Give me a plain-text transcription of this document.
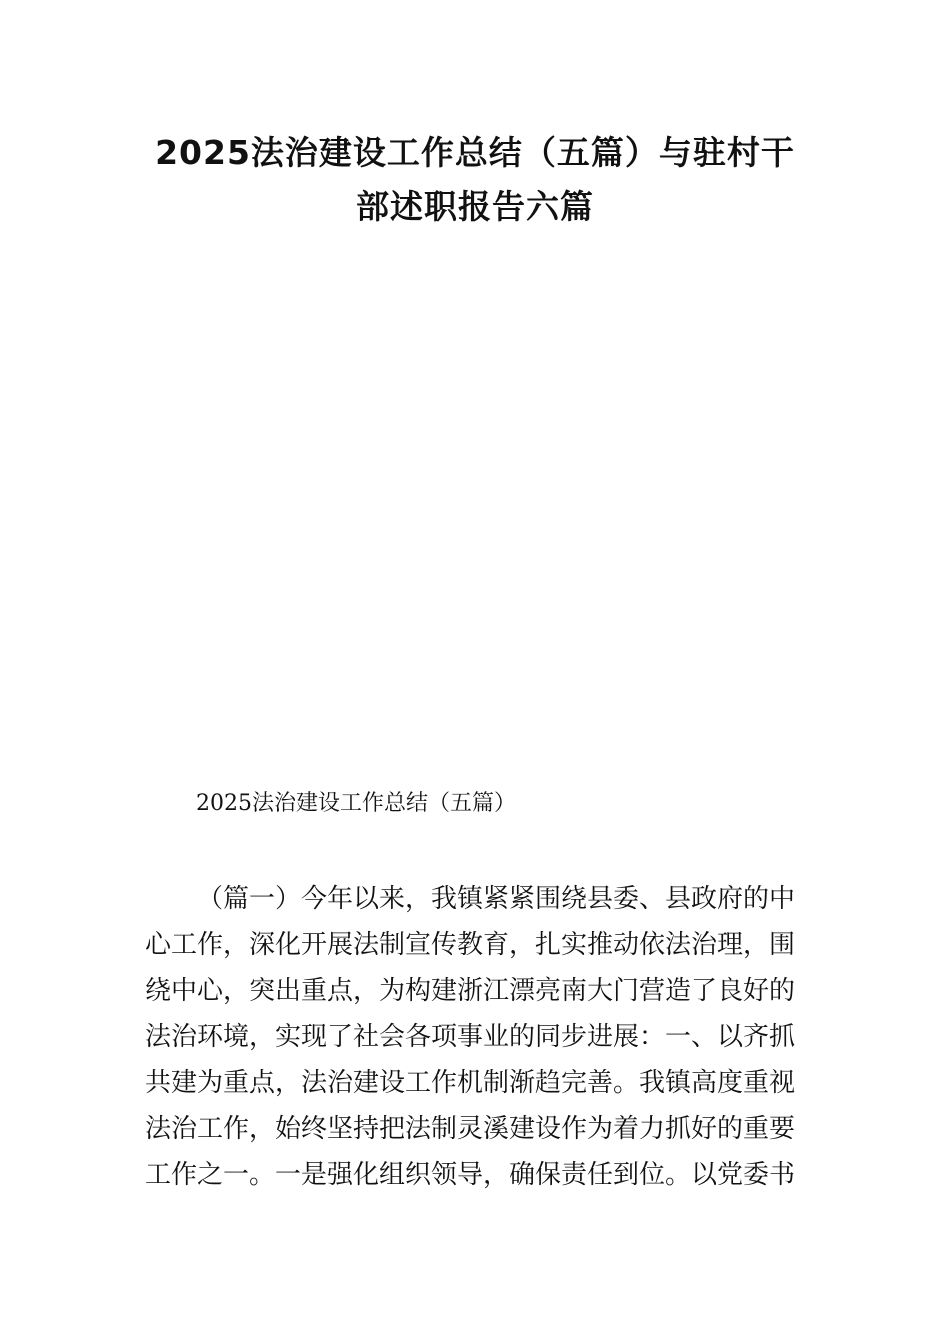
2025法治建设工作总结（五篇）与驻村干
部述职报告六篇
2025法治建设工作总结（五篇）
（篇一）今年以来，我镇紧紧围绕县委、县政府的中
心工作，深化开展法制宣传教育，扎实推动依法治理，围
绕中心，突出重点，为构建浙江漂亮南大门营造了良好的
法治环境，实现了社会各项事业的同步进展：一、以齐抓
共建为重点，法治建设工作机制渐趋完善。我镇高度重视
法治工作，始终坚持把法制灵溪建设作为着力抓好的重要
工作之一。一是强化组织领导，确保责任到位。以党委书
